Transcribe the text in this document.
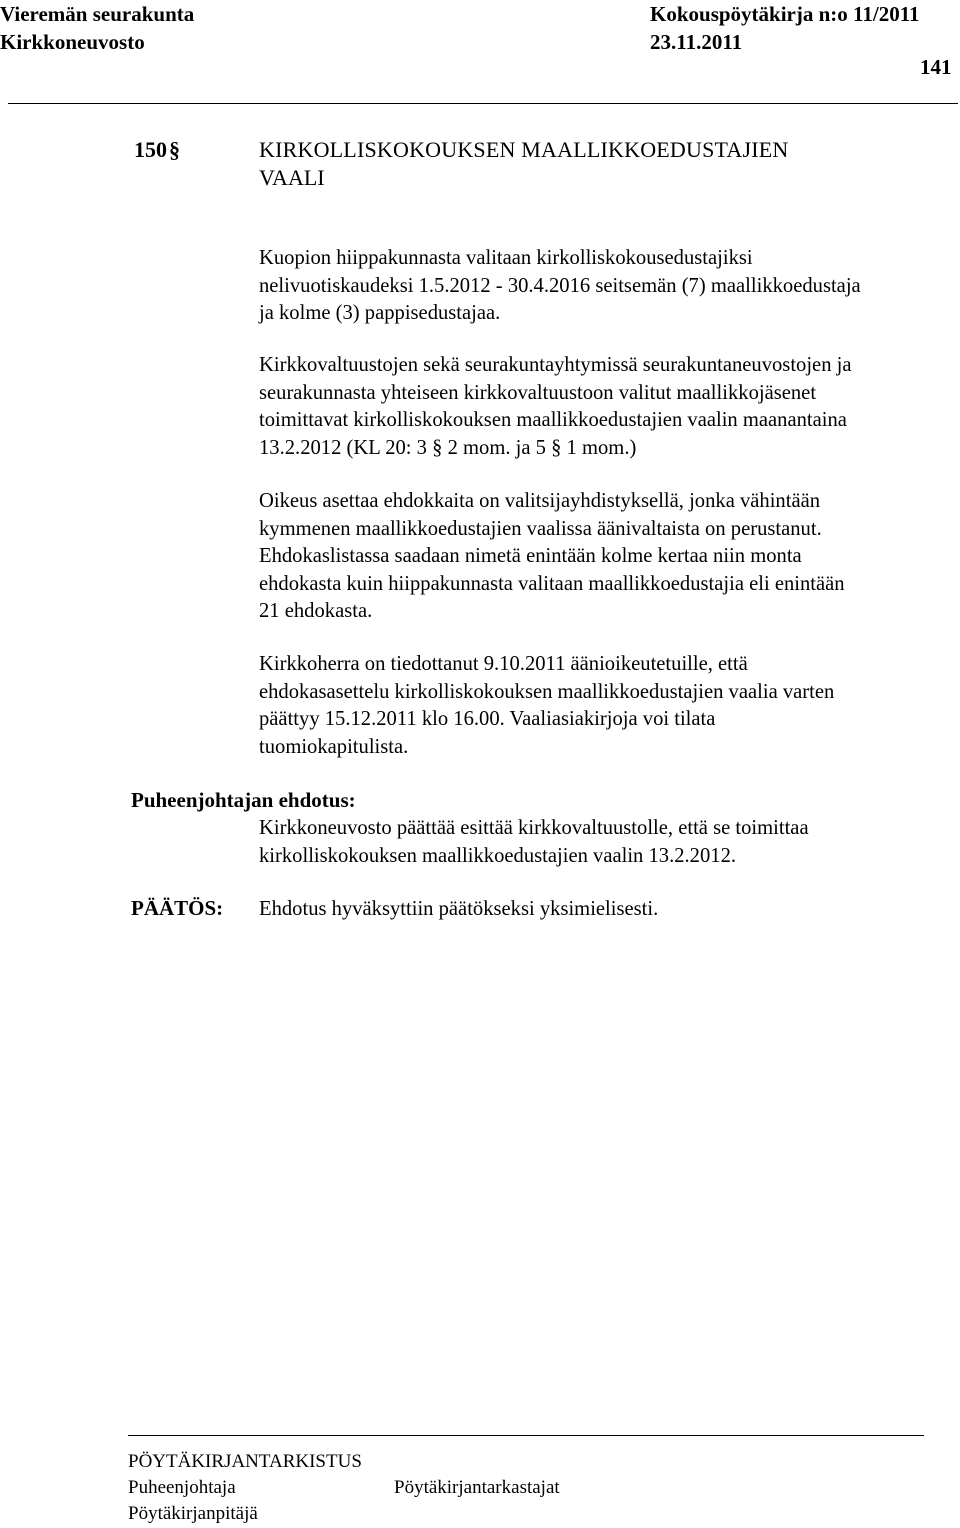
Vieremän seurakunta	Kokouspöytäkirja n:o 11/2011
Kirkkoneuvosto	23.11.2011
141
150§	KIRKOLLISKOKOUKSEN MAALLIKKOEDUSTAJIEN
VAALI
Kuopion hiippakunnasta valitaan kirkolliskokousedustajiksi
nelivuotiskaudeksi 1.5.2012 - 30.4.2016 seitsemän (7) maallikkoedustaja
ja kolme (3) pappisedustajaa.
Kirkkovaltuustojen sekä seurakuntayhtymissä seurakuntaneuvostojen ja
seurakunnasta yhteiseen kirkkovaltuustoon valitut maallikkojäsenet
toimittavat kirkolliskokouksen maallikkoedustajien vaalin maanantaina
13.2.2012 (KL 20: 3 § 2 mom. ja 5 § 1 mom.)
Oikeus asettaa ehdokkaita on valitsijayhdistyksellä, jonka vähintään
kymmenen maallikkoedustajien vaalissa äänivaltaista on perustanut.
Ehdokaslistassa saadaan nimetä enintään kolme kertaa niin monta
ehdokasta kuin hiippakunnasta valitaan maallikkoedustajia eli enintään
21 ehdokasta.
Kirkkoherra on tiedottanut 9.10.2011 äänioikeutetuille, että
ehdokasasettelu kirkolliskokouksen maallikkoedustajien vaalia varten
päättyy 15.12.2011 klo 16.00. Vaaliasiakirjoja voi tilata
tuomiokapitulista.
Puheenjohtajan ehdotus:
Kirkkoneuvosto päättää esittää kirkkovaltuustolle, että se toimittaa
kirkolliskokouksen maallikkoedustajien vaalin 13.2.2012.
PÄÄTÖS: Ehdotus hyväksyttiin päätökseksi yksimielisesti.
PÖYTÄKIRJANTARKISTUS
Puheenjohtaja	Pöytäkirjantarkastajat
Pöytäkirjanpitäjä
